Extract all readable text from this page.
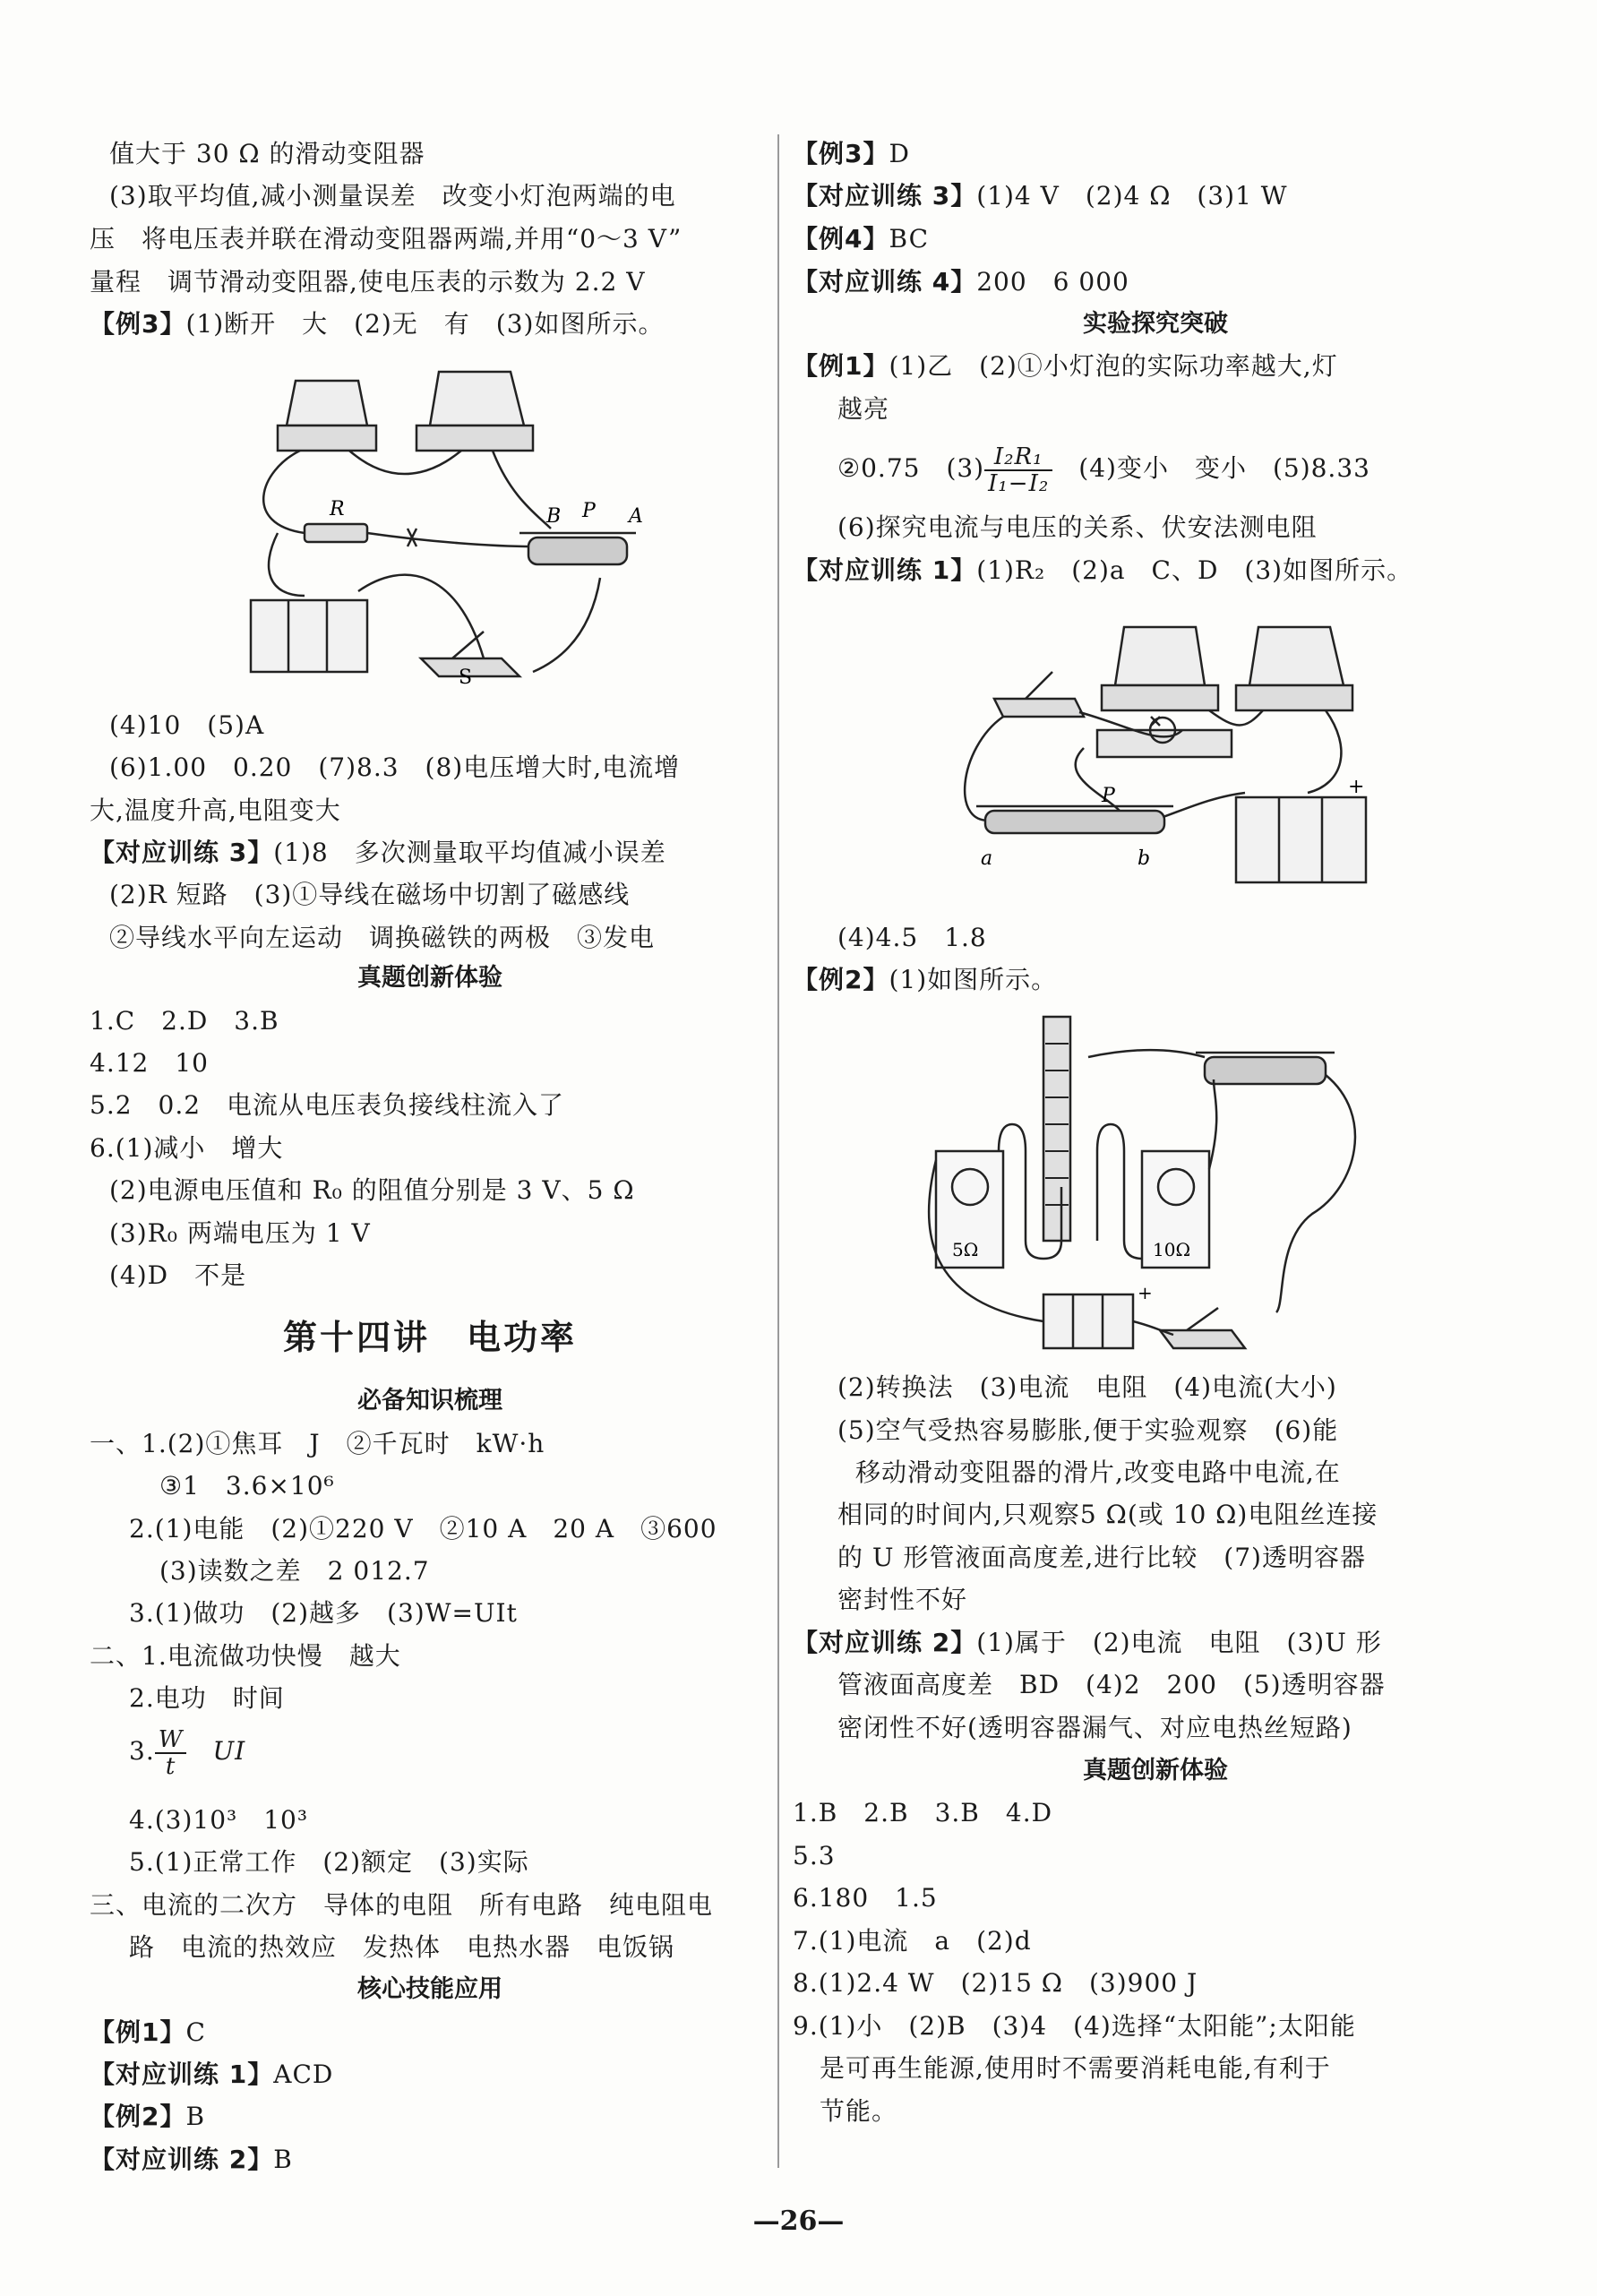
值大于 30 Ω 的滑动变阻器
(3)取平均值,减小测量误差　改变小灯泡两端的电
压　将电压表并联在滑动变阻器两端,并用“0～3 V”
量程　调节滑动变阻器,使电压表的示数为 2.2 V
【例3】(1)断开　大　(2)无　有　(3)如图所示。
R	B P A
S
(4)10　(5)A
(6)1.00　0.20　(7)8.3　(8)电压增大时,电流增
大,温度升高,电阻变大
【对应训练 3】(1)8　多次测量取平均值减小误差
(2)R 短路　(3)①导线在磁场中切割了磁感线
②导线水平向左运动　调换磁铁的两极　③发电
真题创新体验
1.C　2.D　3.B
4.12　10
5.2　0.2　电流从电压表负接线柱流入了
6.(1)减小　增大
(2)电源电压值和 R₀ 的阻值分别是 3 V、5 Ω
(3)R₀ 两端电压为 1 V
(4)D　不是
第十四讲　电功率
必备知识梳理
一、1.(2)①焦耳　J　②千瓦时　kW·h
③1　3.6×10⁶
2.(1)电能　(2)①220 V　②10 A　20 A　③600
(3)读数之差　2 012.7
3.(1)做功　(2)越多　(3)W=UIt
二、1.电流做功快慢　越大
2.电功　时间
3. $\frac{W}{t}$
　 UI
4.(3)10³　10³
5.(1)正常工作　(2)额定　(3)实际
三、电流的二次方　导体的电阻　所有电路　纯电阻电
路　电流的热效应　发热体　电热水器　电饭锅
核心技能应用
【例1】C
【对应训练 1】ACD
【例2】B
【对应训练 2】B
【例3】D
【对应训练 3】(1)4 V　(2)4 Ω　(3)1 W
【例4】BC
【对应训练 4】200　6 000
实验探究突破
【例1】(1)乙　(2)①小灯泡的实际功率越大,灯
越亮
②0.75　$(3) \frac{\text{I₂R₁}}{\text{I₁−I₂}}$
　 (4)变小　变小　(5)8.33
(6)探究电流与电压的关系、伏安法测电阻
【对应训练 1】(1)R₂　(2)a　C、D　(3)如图所示。
P
a	b
+
(4)4.5　1.8
【例2】(1)如图所示。
5Ω	10Ω
+
(2)转换法　(3)电流　电阻　(4)电流(大小)
(5)空气受热容易膨胀,便于实验观察　(6)能
移动滑动变阻器的滑片,改变电路中电流,在
相同的时间内,只观察5 Ω(或 10 Ω)电阻丝连接
的 U 形管液面高度差,进行比较　(7)透明容器
密封性不好
【对应训练 2】(1)属于　(2)电流　电阻　(3)U 形
管液面高度差　BD　(4)2　200　(5)透明容器
密闭性不好(透明容器漏气、对应电热丝短路)
真题创新体验
1.B　2.B　3.B　4.D
5.3
6.180　1.5
7.(1)电流　a　(2)d
8.(1)2.4 W　(2)15 Ω　(3)900 J
9.(1)小　(2)B　(3)4　(4)选择“太阳能”;太阳能
是可再生能源,使用时不需要消耗电能,有利于
节能。
—26—
